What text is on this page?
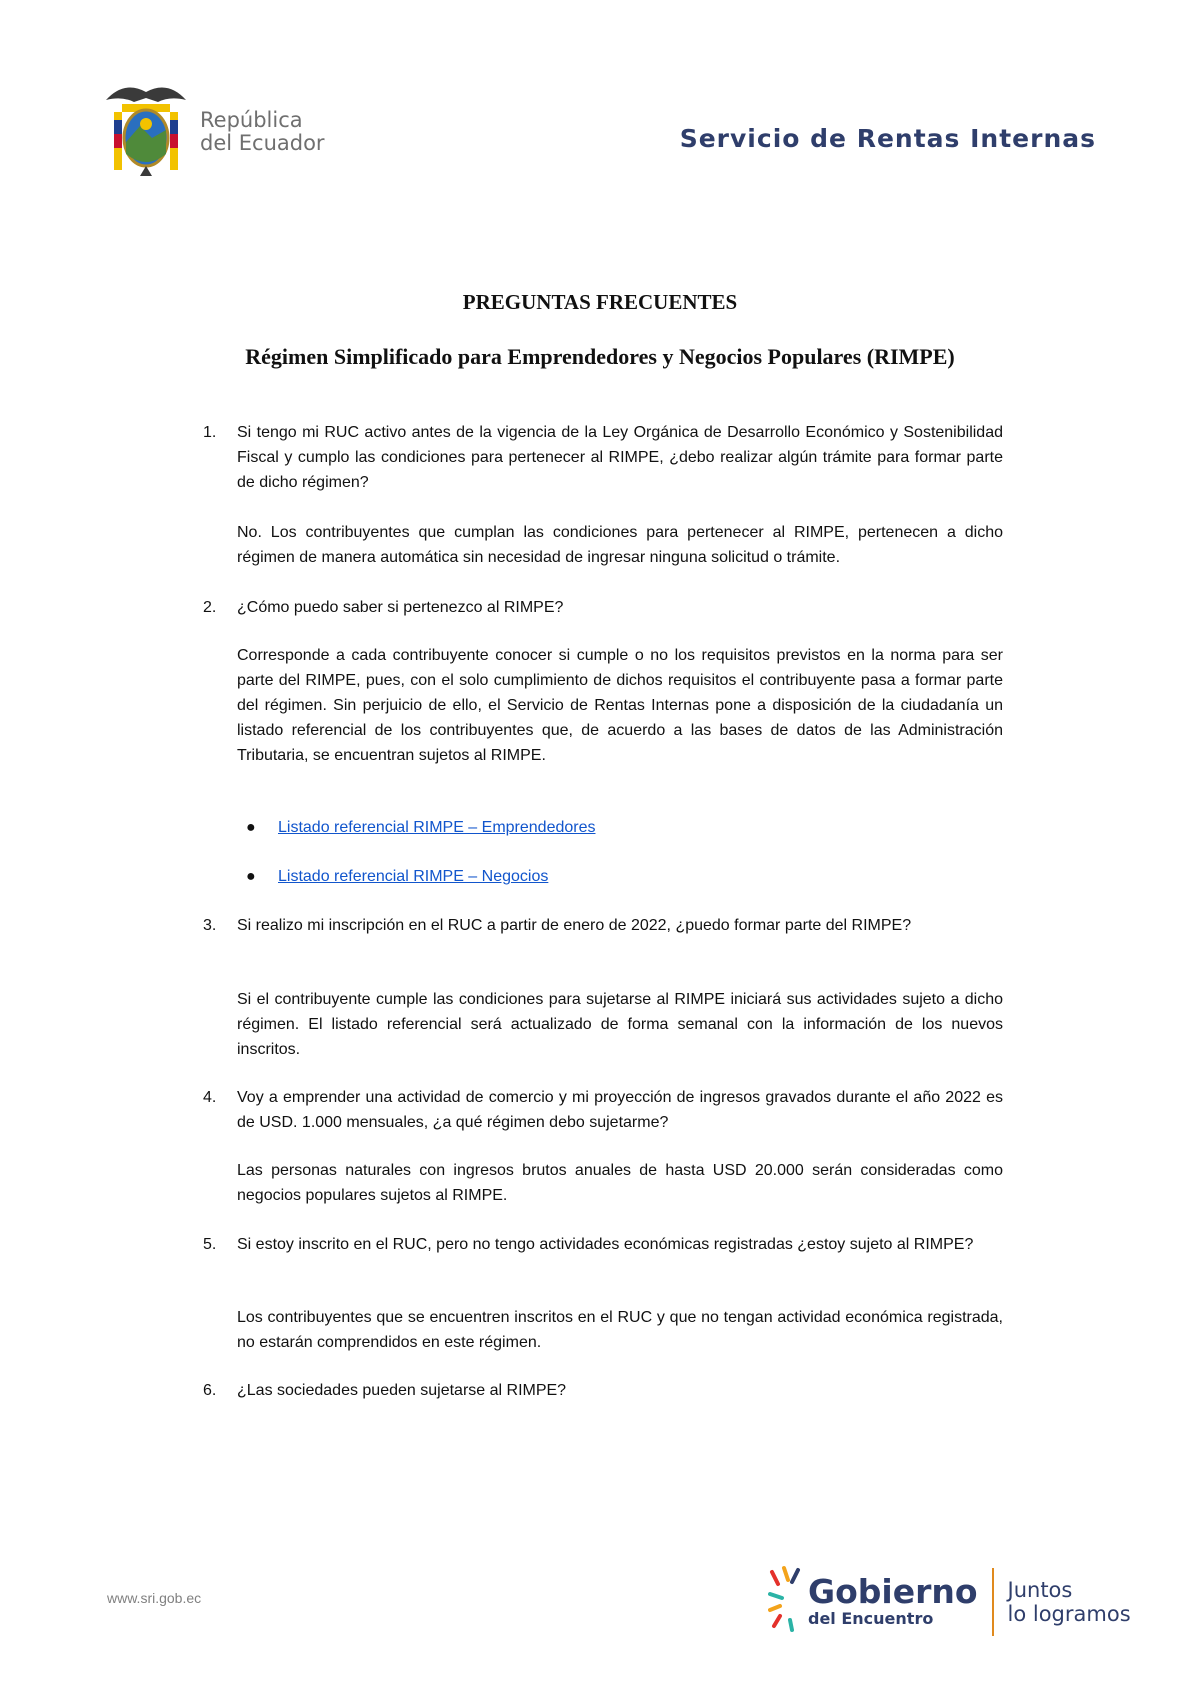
República
del Ecuador	Servicio de Rentas Internas
PREGUNTAS FRECUENTES
Régimen Simplificado para Emprendedores y Negocios Populares (RIMPE)
1. Si tengo mi RUC activo antes de la vigencia de la Ley Orgánica de Desarrollo Económico y Sostenibilidad Fiscal y cumplo las condiciones para pertenecer al RIMPE, ¿debo realizar algún trámite para formar parte de dicho régimen?

No. Los contribuyentes que cumplan las condiciones para pertenecer al RIMPE, pertenecen a dicho régimen de manera automática sin necesidad de ingresar ninguna solicitud o trámite.

2. ¿Cómo puedo saber si pertenezco al RIMPE?

Corresponde a cada contribuyente conocer si cumple o no los requisitos previstos en la norma para ser parte del RIMPE, pues, con el solo cumplimiento de dichos requisitos el contribuyente pasa a formar parte del régimen. Sin perjuicio de ello, el Servicio de Rentas Internas pone a disposición de la ciudadanía un listado referencial de los contribuyentes que, de acuerdo a las bases de datos de las Administración Tributaria, se encuentran sujetos al RIMPE.

● Listado referencial RIMPE – Emprendedores
● Listado referencial RIMPE – Negocios
3. Si realizo mi inscripción en el RUC a partir de enero de 2022, ¿puedo formar parte del RIMPE?

Si el contribuyente cumple las condiciones para sujetarse al RIMPE iniciará sus actividades sujeto a dicho régimen. El listado referencial será actualizado de forma semanal con la información de los nuevos inscritos.

4. Voy a emprender una actividad de comercio y mi proyección de ingresos gravados durante el año 2022 es de USD. 1.000 mensuales, ¿a qué régimen debo sujetarme?

Las personas naturales con ingresos brutos anuales de hasta USD 20.000 serán consideradas como negocios populares sujetos al RIMPE.

5. Si estoy inscrito en el RUC, pero no tengo actividades económicas registradas ¿estoy sujeto al RIMPE?

Los contribuyentes que se encuentren inscritos en el RUC y que no tengan actividad económica registrada, no estarán comprendidos en este régimen.

6. ¿Las sociedades pueden sujetarse al RIMPE?

www.sri.gob.ec	Gobierno
del Encuentro
Juntos
lo logramos
